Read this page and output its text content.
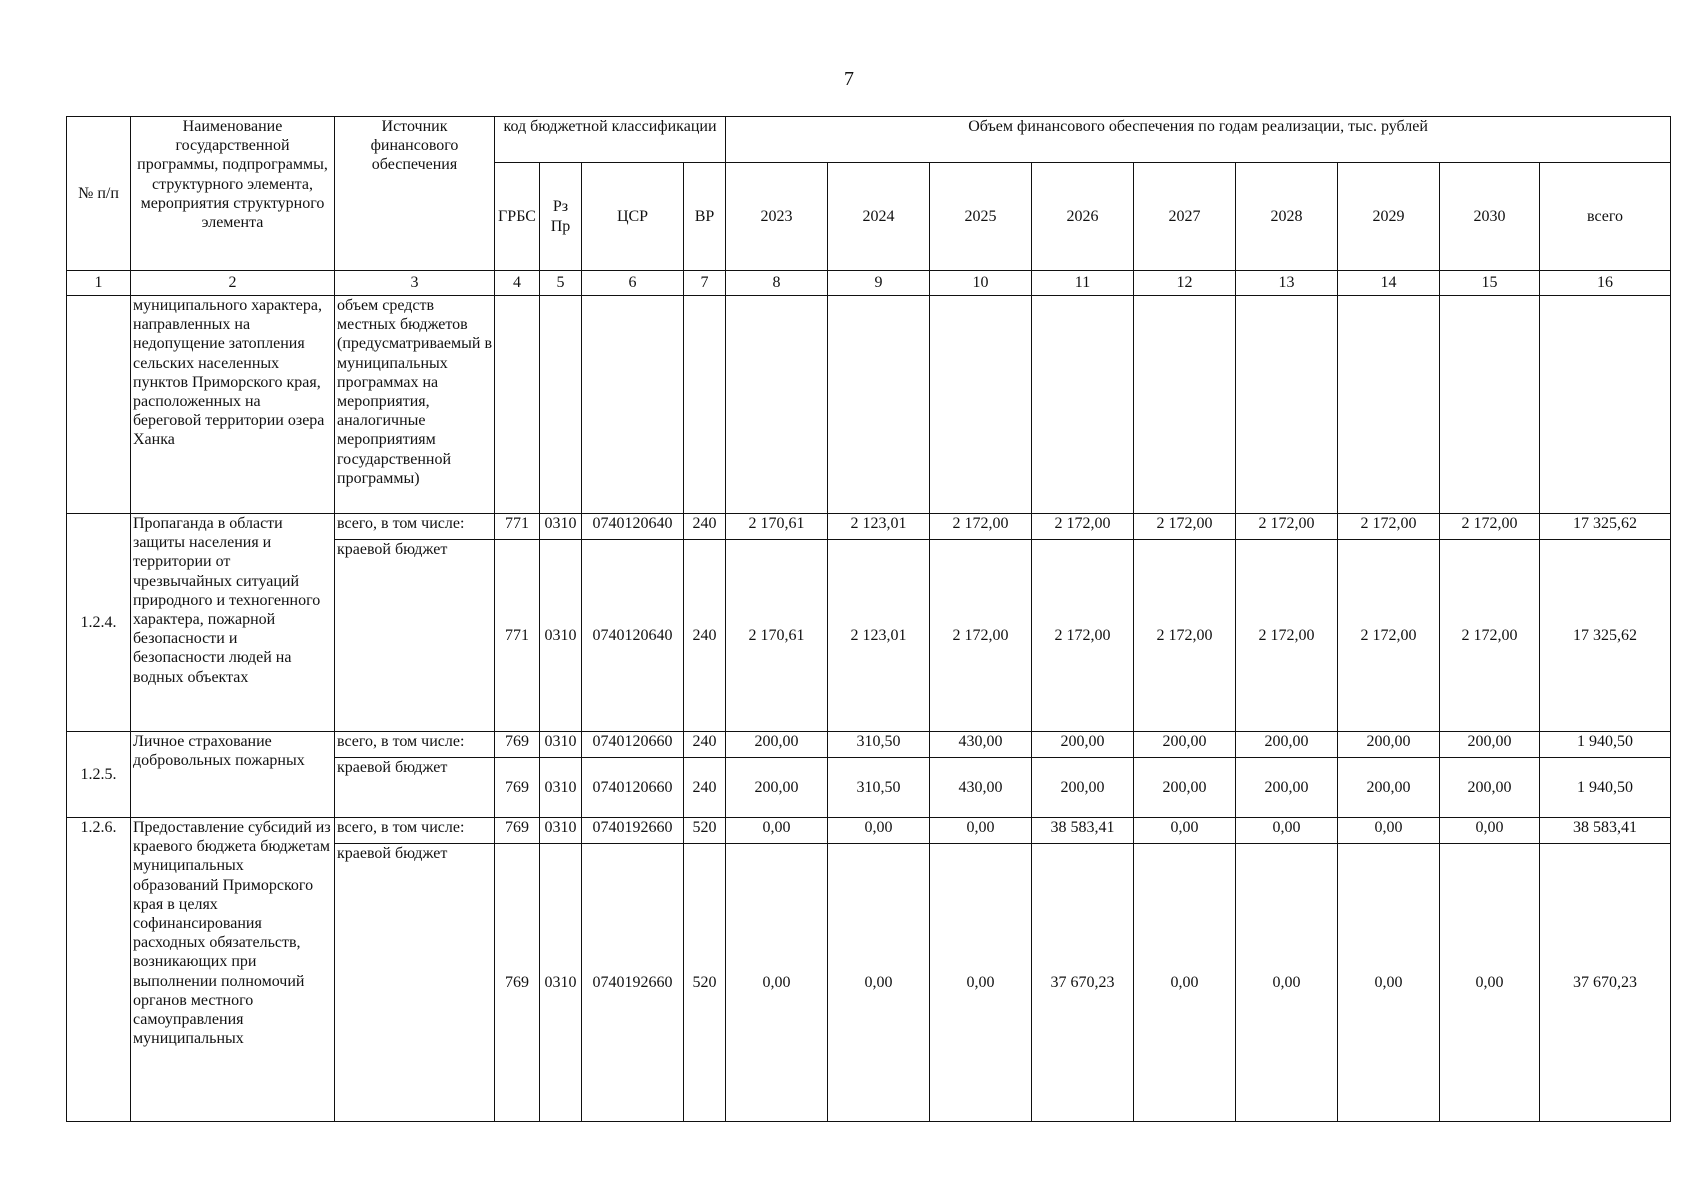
7
№ п/п	Наименование государственной программы, подпрограммы, структурного элемента, мероприятия структурного элемента	Источник финансового обеспечения	код бюджетной классификации				Объем финансового обеспечения по годам реализации, тыс. рублей								
			ГРБС	Рз Пр	ЦСР	ВР	2023	2024	2025	2026	2027	2028	2029	2030	всего
1	2	3	4	5	6	7	8	9	10	11	12	13	14	15	16
	муниципального характера, направленных на недопущение затопления сельских населенных пунктов Приморского края, расположенных на береговой территории озера Ханка	объем средств местных бюджетов (предусматриваемый в муниципальных программах на мероприятия, аналогичные мероприятиям государственной программы)													
1.2.4.	Пропаганда в области защиты населения и территории от чрезвычайных ситуаций природного и техногенного характера, пожарной безопасности и безопасности людей на водных объектах	всего, в том числе:	771	0310	0740120640	240	2 170,61	2 123,01	2 172,00	2 172,00	2 172,00	2 172,00	2 172,00	2 172,00	17 325,62
		краевой бюджет	771	0310	0740120640	240	2 170,61	2 123,01	2 172,00	2 172,00	2 172,00	2 172,00	2 172,00	2 172,00	17 325,62
1.2.5.	Личное страхование добровольных пожарных	всего, в том числе:	769	0310	0740120660	240	200,00	310,50	430,00	200,00	200,00	200,00	200,00	200,00	1 940,50
		краевой бюджет	769	0310	0740120660	240	200,00	310,50	430,00	200,00	200,00	200,00	200,00	200,00	1 940,50
1.2.6.	Предоставление субсидий из краевого бюджета бюджетам муниципальных образований Приморского края в целях софинансирования расходных обязательств, возникающих при выполнении полномочий органов местного самоуправления муниципальных	всего, в том числе:	769	0310	0740192660	520	0,00	0,00	0,00	38 583,41	0,00	0,00	0,00	0,00	38 583,41
		краевой бюджет	769	0310	0740192660	520	0,00	0,00	0,00	37 670,23	0,00	0,00	0,00	0,00	37 670,23
